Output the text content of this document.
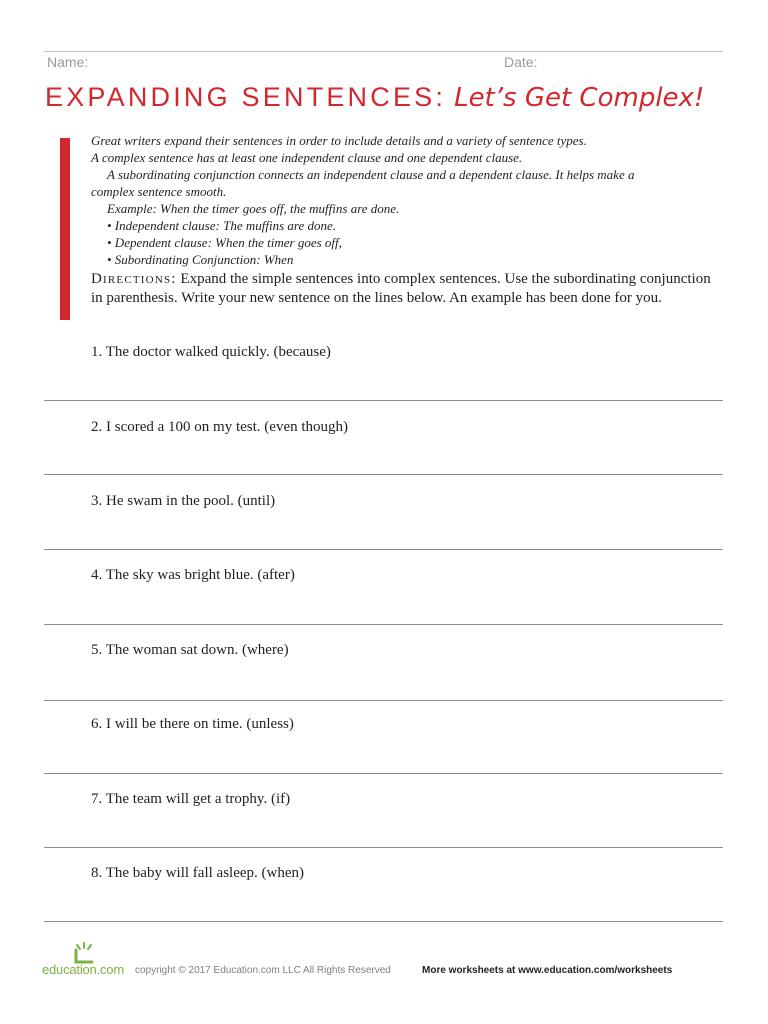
Name:	Date:
EXPANDING SENTENCES: Let’s Get Complex!
Great writers expand their sentences in order to include details and a variety of sentence types.
A complex sentence has at least one independent clause and one dependent clause.
A subordinating conjunction connects an independent clause and a dependent clause. It helps make a
complex sentence smooth.
Example: When the timer goes off, the muffins are done.
• Independent clause: The muffins are done.
• Dependent clause: When the timer goes off,
• Subordinating Conjunction: When
Directions: Expand the simple sentences into complex sentences. Use the subordinating conjunction in parenthesis. Write your new sentence on the lines below. An example has been done for you.
1. The doctor walked quickly. (because)
2. I scored a 100 on my test. (even though)
3. He swam in the pool. (until)
4. The sky was bright blue. (after)
5. The woman sat down. (where)
6. I will be there on time. (unless)
7. The team will get a trophy. (if)
8. The baby will fall asleep. (when)
education.com copyright © 2017 Education.com LLC All Rights Reserved	More worksheets at www.education.com/worksheets
